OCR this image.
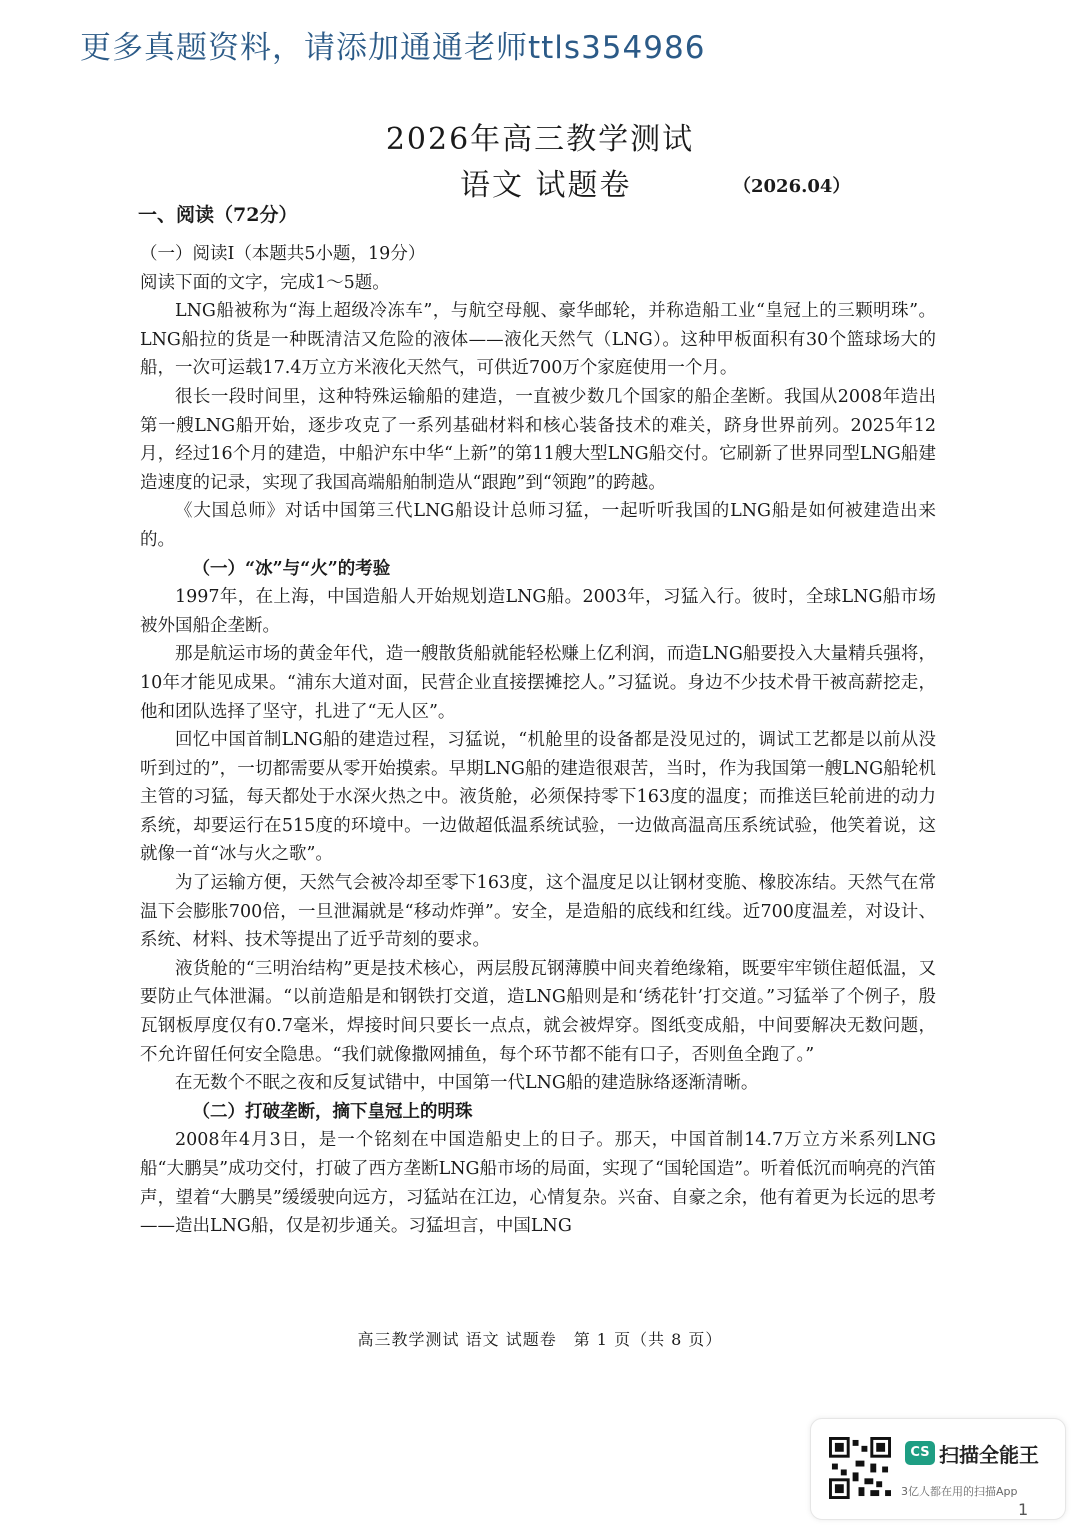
更多真题资料，请添加通通老师ttls354986
2026年高三教学测试
语文 试题卷	（2026.04）
一、阅读（72分）

（一）阅读Ⅰ（本题共5小题，19分）

阅读下面的文字，完成1～5题。

LNG船被称为“海上超级冷冻车”，与航空母舰、豪华邮轮，并称造船工业“皇冠上的三颗明珠”。LNG船拉的货是一种既清洁又危险的液体——液化天然气（LNG）。这种甲板面积有30个篮球场大的船，一次可运载17.4万立方米液化天然气，可供近700万个家庭使用一个月。

很长一段时间里，这种特殊运输船的建造，一直被少数几个国家的船企垄断。我国从2008年造出第一艘LNG船开始，逐步攻克了一系列基础材料和核心装备技术的难关，跻身世界前列。2025年12月，经过16个月的建造，中船沪东中华“上新”的第11艘大型LNG船交付。它刷新了世界同型LNG船建造速度的记录，实现了我国高端船舶制造从“跟跑”到“领跑”的跨越。

《大国总师》对话中国第三代LNG船设计总师习猛，一起听听我国的LNG船是如何被建造出来的。

（一）“冰”与“火”的考验

1997年，在上海，中国造船人开始规划造LNG船。2003年，习猛入行。彼时，全球LNG船市场被外国船企垄断。

那是航运市场的黄金年代，造一艘散货船就能轻松赚上亿利润，而造LNG船要投入大量精兵强将，10年才能见成果。“浦东大道对面，民营企业直接摆摊挖人。”习猛说。身边不少技术骨干被高薪挖走，他和团队选择了坚守，扎进了“无人区”。

回忆中国首制LNG船的建造过程，习猛说，“机舱里的设备都是没见过的，调试工艺都是以前从没听到过的”，一切都需要从零开始摸索。早期LNG船的建造很艰苦，当时，作为我国第一艘LNG船轮机主管的习猛，每天都处于水深火热之中。液货舱，必须保持零下163度的温度；而推送巨轮前进的动力系统，却要运行在515度的环境中。一边做超低温系统试验，一边做高温高压系统试验，他笑着说，这就像一首“冰与火之歌”。

为了运输方便，天然气会被冷却至零下163度，这个温度足以让钢材变脆、橡胶冻结。天然气在常温下会膨胀700倍，一旦泄漏就是“移动炸弹”。安全，是造船的底线和红线。近700度温差，对设计、系统、材料、技术等提出了近乎苛刻的要求。

液货舱的“三明治结构”更是技术核心，两层殷瓦钢薄膜中间夹着绝缘箱，既要牢牢锁住超低温，又要防止气体泄漏。“以前造船是和钢铁打交道，造LNG船则是和‘绣花针’打交道。”习猛举了个例子，殷瓦钢板厚度仅有0.7毫米，焊接时间只要长一点点，就会被焊穿。图纸变成船，中间要解决无数问题，不允许留任何安全隐患。“我们就像撒网捕鱼，每个环节都不能有口子，否则鱼全跑了。”

在无数个不眠之夜和反复试错中，中国第一代LNG船的建造脉络逐渐清晰。

（二）打破垄断，摘下皇冠上的明珠

2008年4月3日，是一个铭刻在中国造船史上的日子。那天，中国首制14.7万立方米系列LNG船“大鹏昊”成功交付，打破了西方垄断LNG船市场的局面，实现了“国轮国造”。听着低沉而响亮的汽笛声，望着“大鹏昊”缓缓驶向远方，习猛站在江边，心情复杂。兴奋、自豪之余，他有着更为长远的思考——造出LNG船，仅是初步通关。习猛坦言，中国LNG

高三教学测试 语文 试题卷　第 1 页（共 8 页）
CS 扫描全能王
3亿人都在用的扫描App
1
